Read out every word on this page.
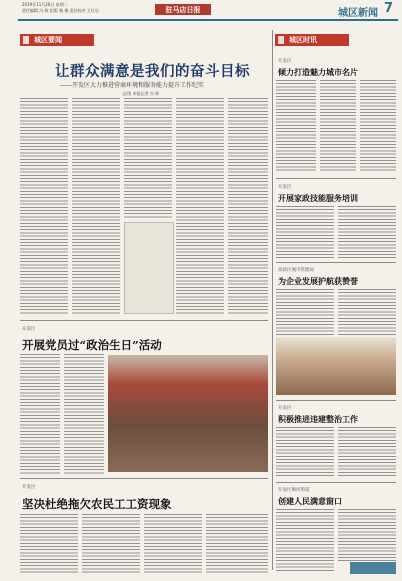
2019年11月26日 星期二
责任编辑 冯 辉 组版 楷 楷 责任校对 王红岩	驻马店日报	城区新闻 7
城区要闻	城区时讯
让群众满意是我们的奋斗目标
——开发区大力推进营商环境和服务能力提升工作纪实
文/图 本报记者 冯 辉
开发区
开展党员过“政治生日”活动
开发区
坚决杜绝拖欠农民工工资现象
开发区
倾力打造魅力城市名片
开发区
开展家政技能服务培训
高新区城市管理局
为企业发展护航获赞誉
开发区
积极推进违建整治工作
开发区顺河街道
创建人民满意窗口
